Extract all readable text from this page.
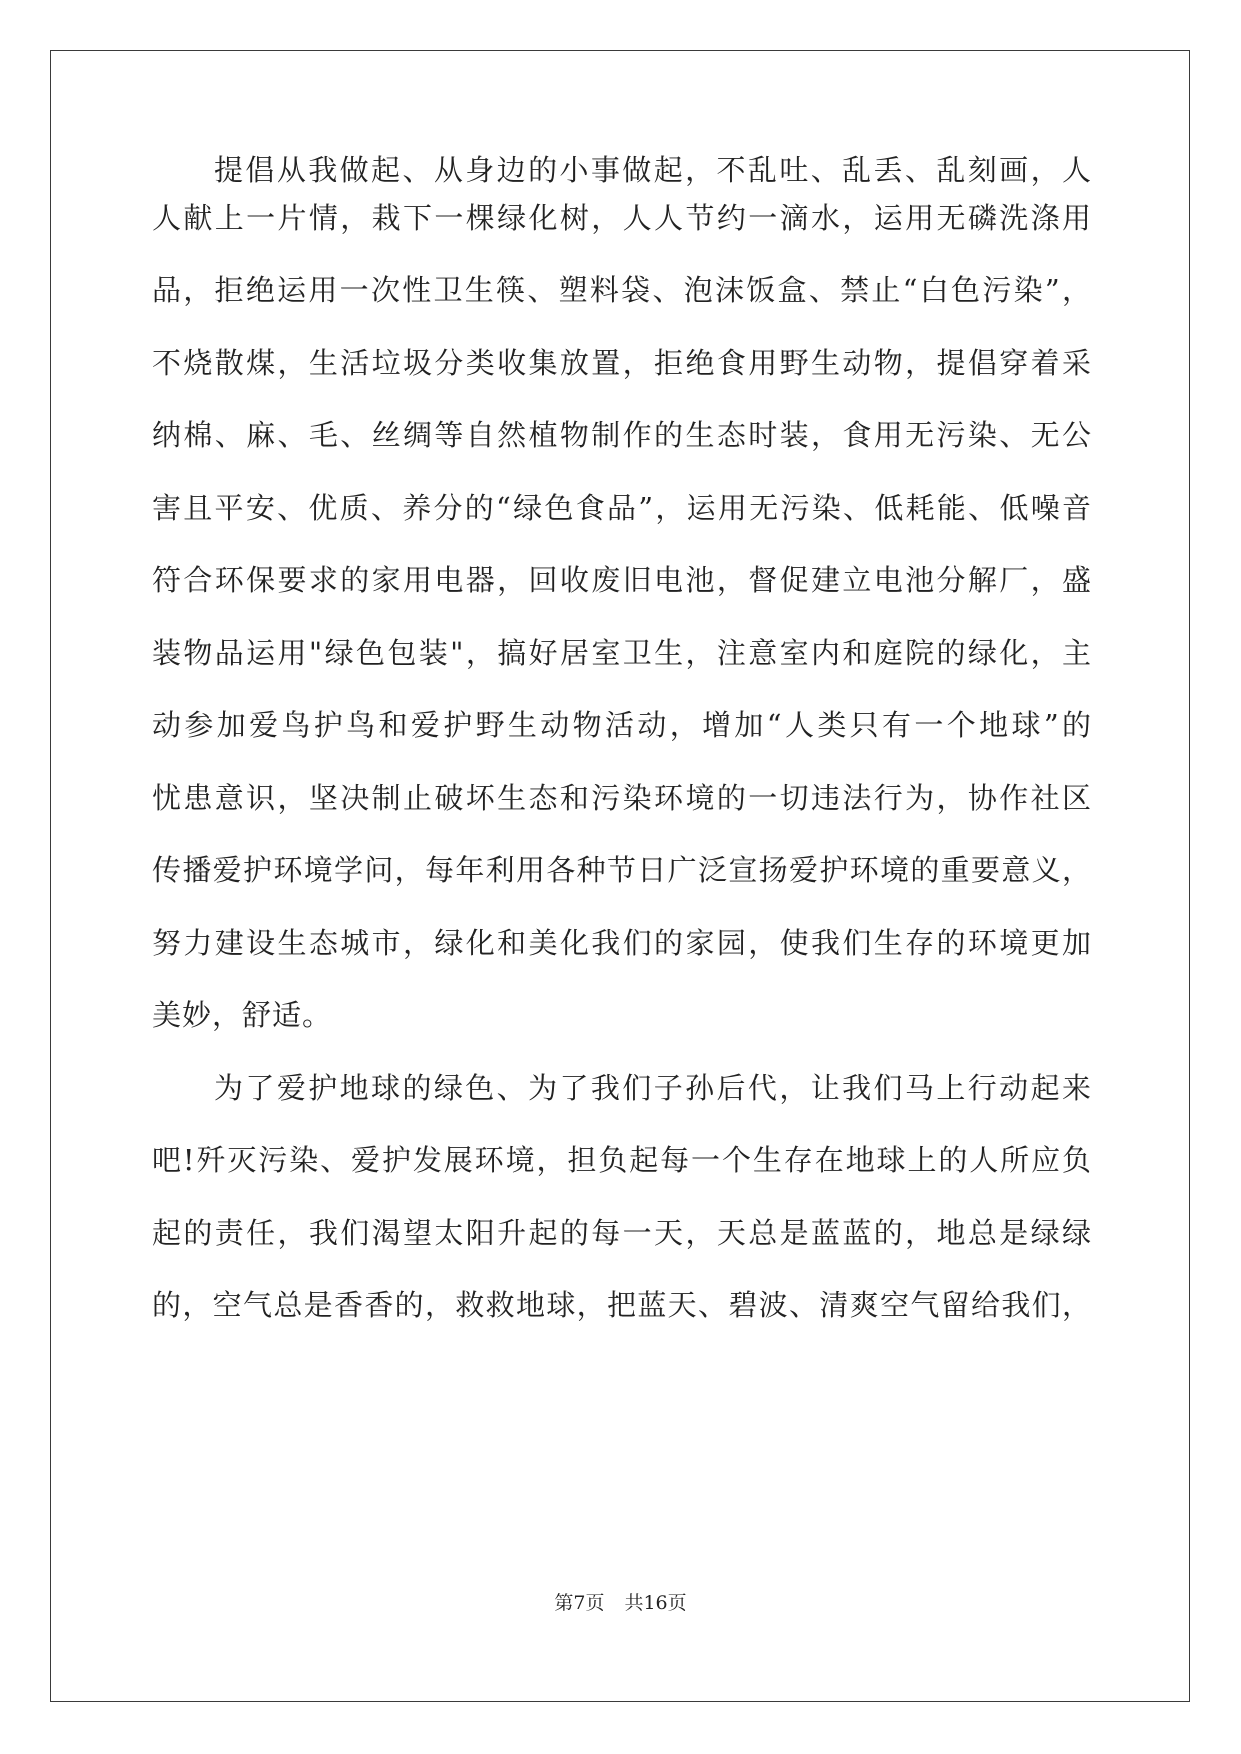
提倡从我做起、从身边的小事做起，不乱吐、乱丢、乱刻画，人
人献上一片情，栽下一棵绿化树，人人节约一滴水，运用无磷洗涤用
品，拒绝运用一次性卫生筷、塑料袋、泡沫饭盒、禁止“白色污染”，
不烧散煤，生活垃圾分类收集放置，拒绝食用野生动物，提倡穿着采
纳棉、麻、毛、丝绸等自然植物制作的生态时装，食用无污染、无公
害且平安、优质、养分的“绿色食品”，运用无污染、低耗能、低噪音
符合环保要求的家用电器，回收废旧电池，督促建立电池分解厂，盛
装物品运用"绿色包装"，搞好居室卫生，注意室内和庭院的绿化，主
动参加爱鸟护鸟和爱护野生动物活动，增加“人类只有一个地球”的
忧患意识，坚决制止破坏生态和污染环境的一切违法行为，协作社区
传播爱护环境学问，每年利用各种节日广泛宣扬爱护环境的重要意义，
努力建设生态城市，绿化和美化我们的家园，使我们生存的环境更加
美妙，舒适。
为了爱护地球的绿色、为了我们子孙后代，让我们马上行动起来
吧!歼灭污染、爱护发展环境，担负起每一个生存在地球上的人所应负
起的责任，我们渴望太阳升起的每一天，天总是蓝蓝的，地总是绿绿
的，空气总是香香的，救救地球，把蓝天、碧波、清爽空气留给我们，
第7页 共16页
